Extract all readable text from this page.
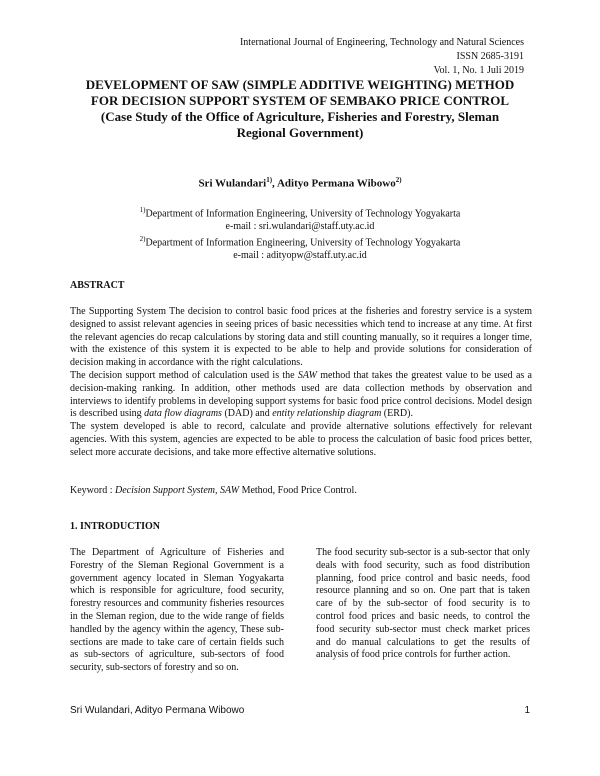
International Journal of Engineering, Technology and Natural Sciences
ISSN 2685-3191
Vol. 1, No. 1 Juli 2019
DEVELOPMENT OF SAW (SIMPLE ADDITIVE WEIGHTING) METHOD FOR DECISION SUPPORT SYSTEM OF SEMBAKO PRICE CONTROL
(Case Study of the Office of Agriculture, Fisheries and Forestry, Sleman Regional Government)
Sri Wulandari$^{1)}$, Adityo Permana Wibowo$^{2)}$
$^{1)}$Department of Information Engineering, University of Technology Yogyakarta
e-mail : sri.wulandari@staff.uty.ac.id
$^{2)}$Department of Information Engineering, University of Technology Yogyakarta
e-mail : adityopw@staff.uty.ac.id
ABSTRACT

The Supporting System The decision to control basic food prices at the fisheries and forestry service is a system designed to assist relevant agencies in seeing prices of basic necessities which tend to increase at any time. At first the relevant agencies do recap calculations by storing data and still counting manually, so it requires a longer time, with the existence of this system it is expected to be able to help and provide solutions for consideration of decision making in accordance with the right calculations.

The decision support method of calculation used is the SAW method that takes the greatest value to be used as a decision-making ranking. In addition, other methods used are data collection methods by observation and interviews to identify problems in developing support systems for basic food price control decisions. Model design is described using data flow diagrams (DAD) and entity relationship diagram (ERD).

The system developed is able to record, calculate and provide alternative solutions effectively for relevant agencies. With this system, agencies are expected to be able to process the calculation of basic food prices better, select more accurate decisions, and take more effective alternative solutions.

Keyword : Decision Support System, SAW Method, Food Price Control.
1. INTRODUCTION
The Department of Agriculture of Fisheries and Forestry of the Sleman Regional Government is a government agency located in Sleman Yogyakarta which is responsible for agriculture, food security, forestry resources and community fisheries resources in the Sleman region, due to the wide range of fields handled by the agency within the agency, These sub-sections are made to take care of certain fields such as sub-sectors of agriculture, sub-sectors of food security, sub-sectors of forestry and so on.
The food security sub-sector is a sub-sector that only deals with food security, such as food distribution planning, food price control and basic needs, food resource planning and so on. One part that is taken care of by the sub-sector of food security is to control food prices and basic needs, to control the food security sub-sector must check market prices and do manual calculations to get the results of analysis of food price controls for further action.
Sri Wulandari, Adityo Permana Wibowo	1
